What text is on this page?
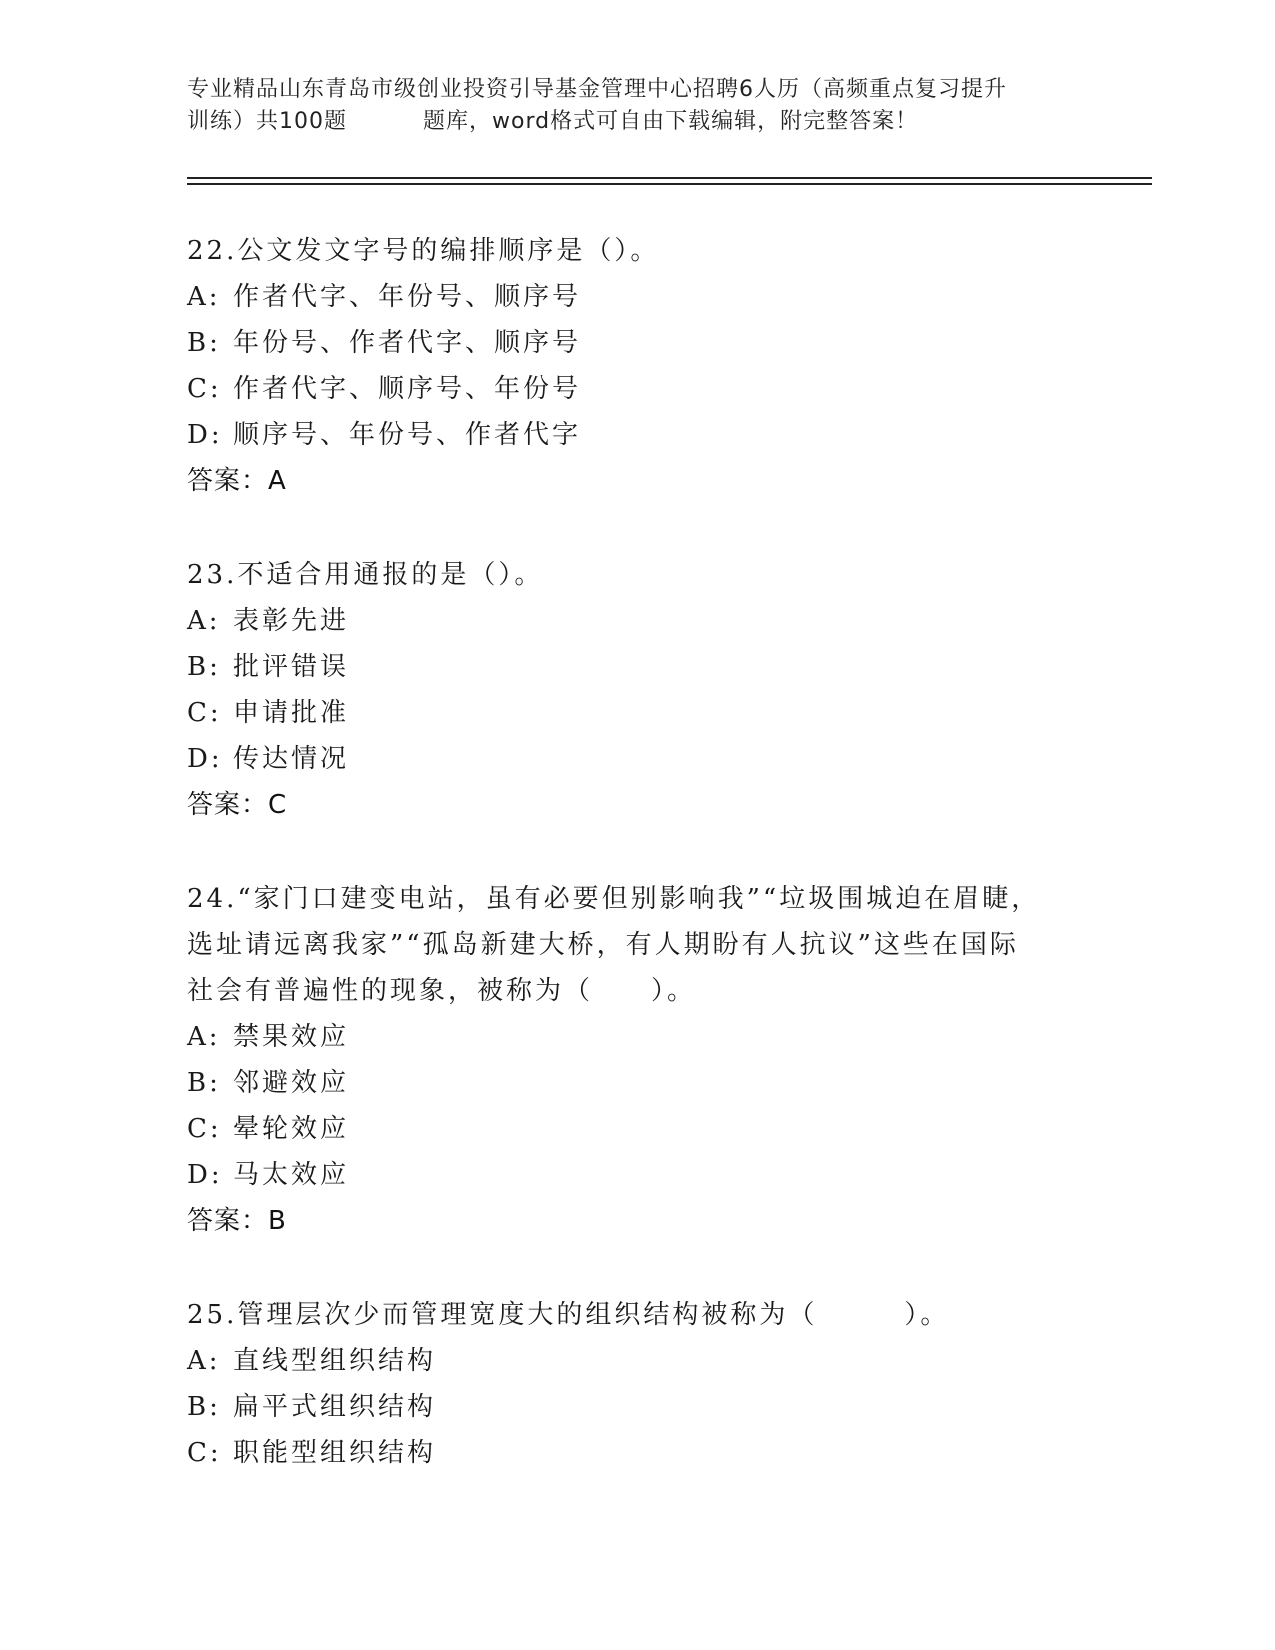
专业精品山东青岛市级创业投资引导基金管理中心招聘6人历（高频重点复习提升
训练）共100题	题库，word格式可自由下载编辑，附完整答案！
22.公文发文字号的编排顺序是（）。
A: 作者代字、年份号、顺序号
B: 年份号、作者代字、顺序号
C: 作者代字、顺序号、年份号
D: 顺序号、年份号、作者代字
答案：A
23.不适合用通报的是（）。
A: 表彰先进
B: 批评错误
C: 申请批准
D: 传达情况
答案：C
24.“家门口建变电站，虽有必要但别影响我”“垃圾围城迫在眉睫，
选址请远离我家”“孤岛新建大桥，有人期盼有人抗议”这些在国际
社会有普遍性的现象，被称为（　　）。
A: 禁果效应
B: 邻避效应
C: 晕轮效应
D: 马太效应
答案：B
25.管理层次少而管理宽度大的组织结构被称为（　　　）。
A: 直线型组织结构
B: 扁平式组织结构
C: 职能型组织结构
